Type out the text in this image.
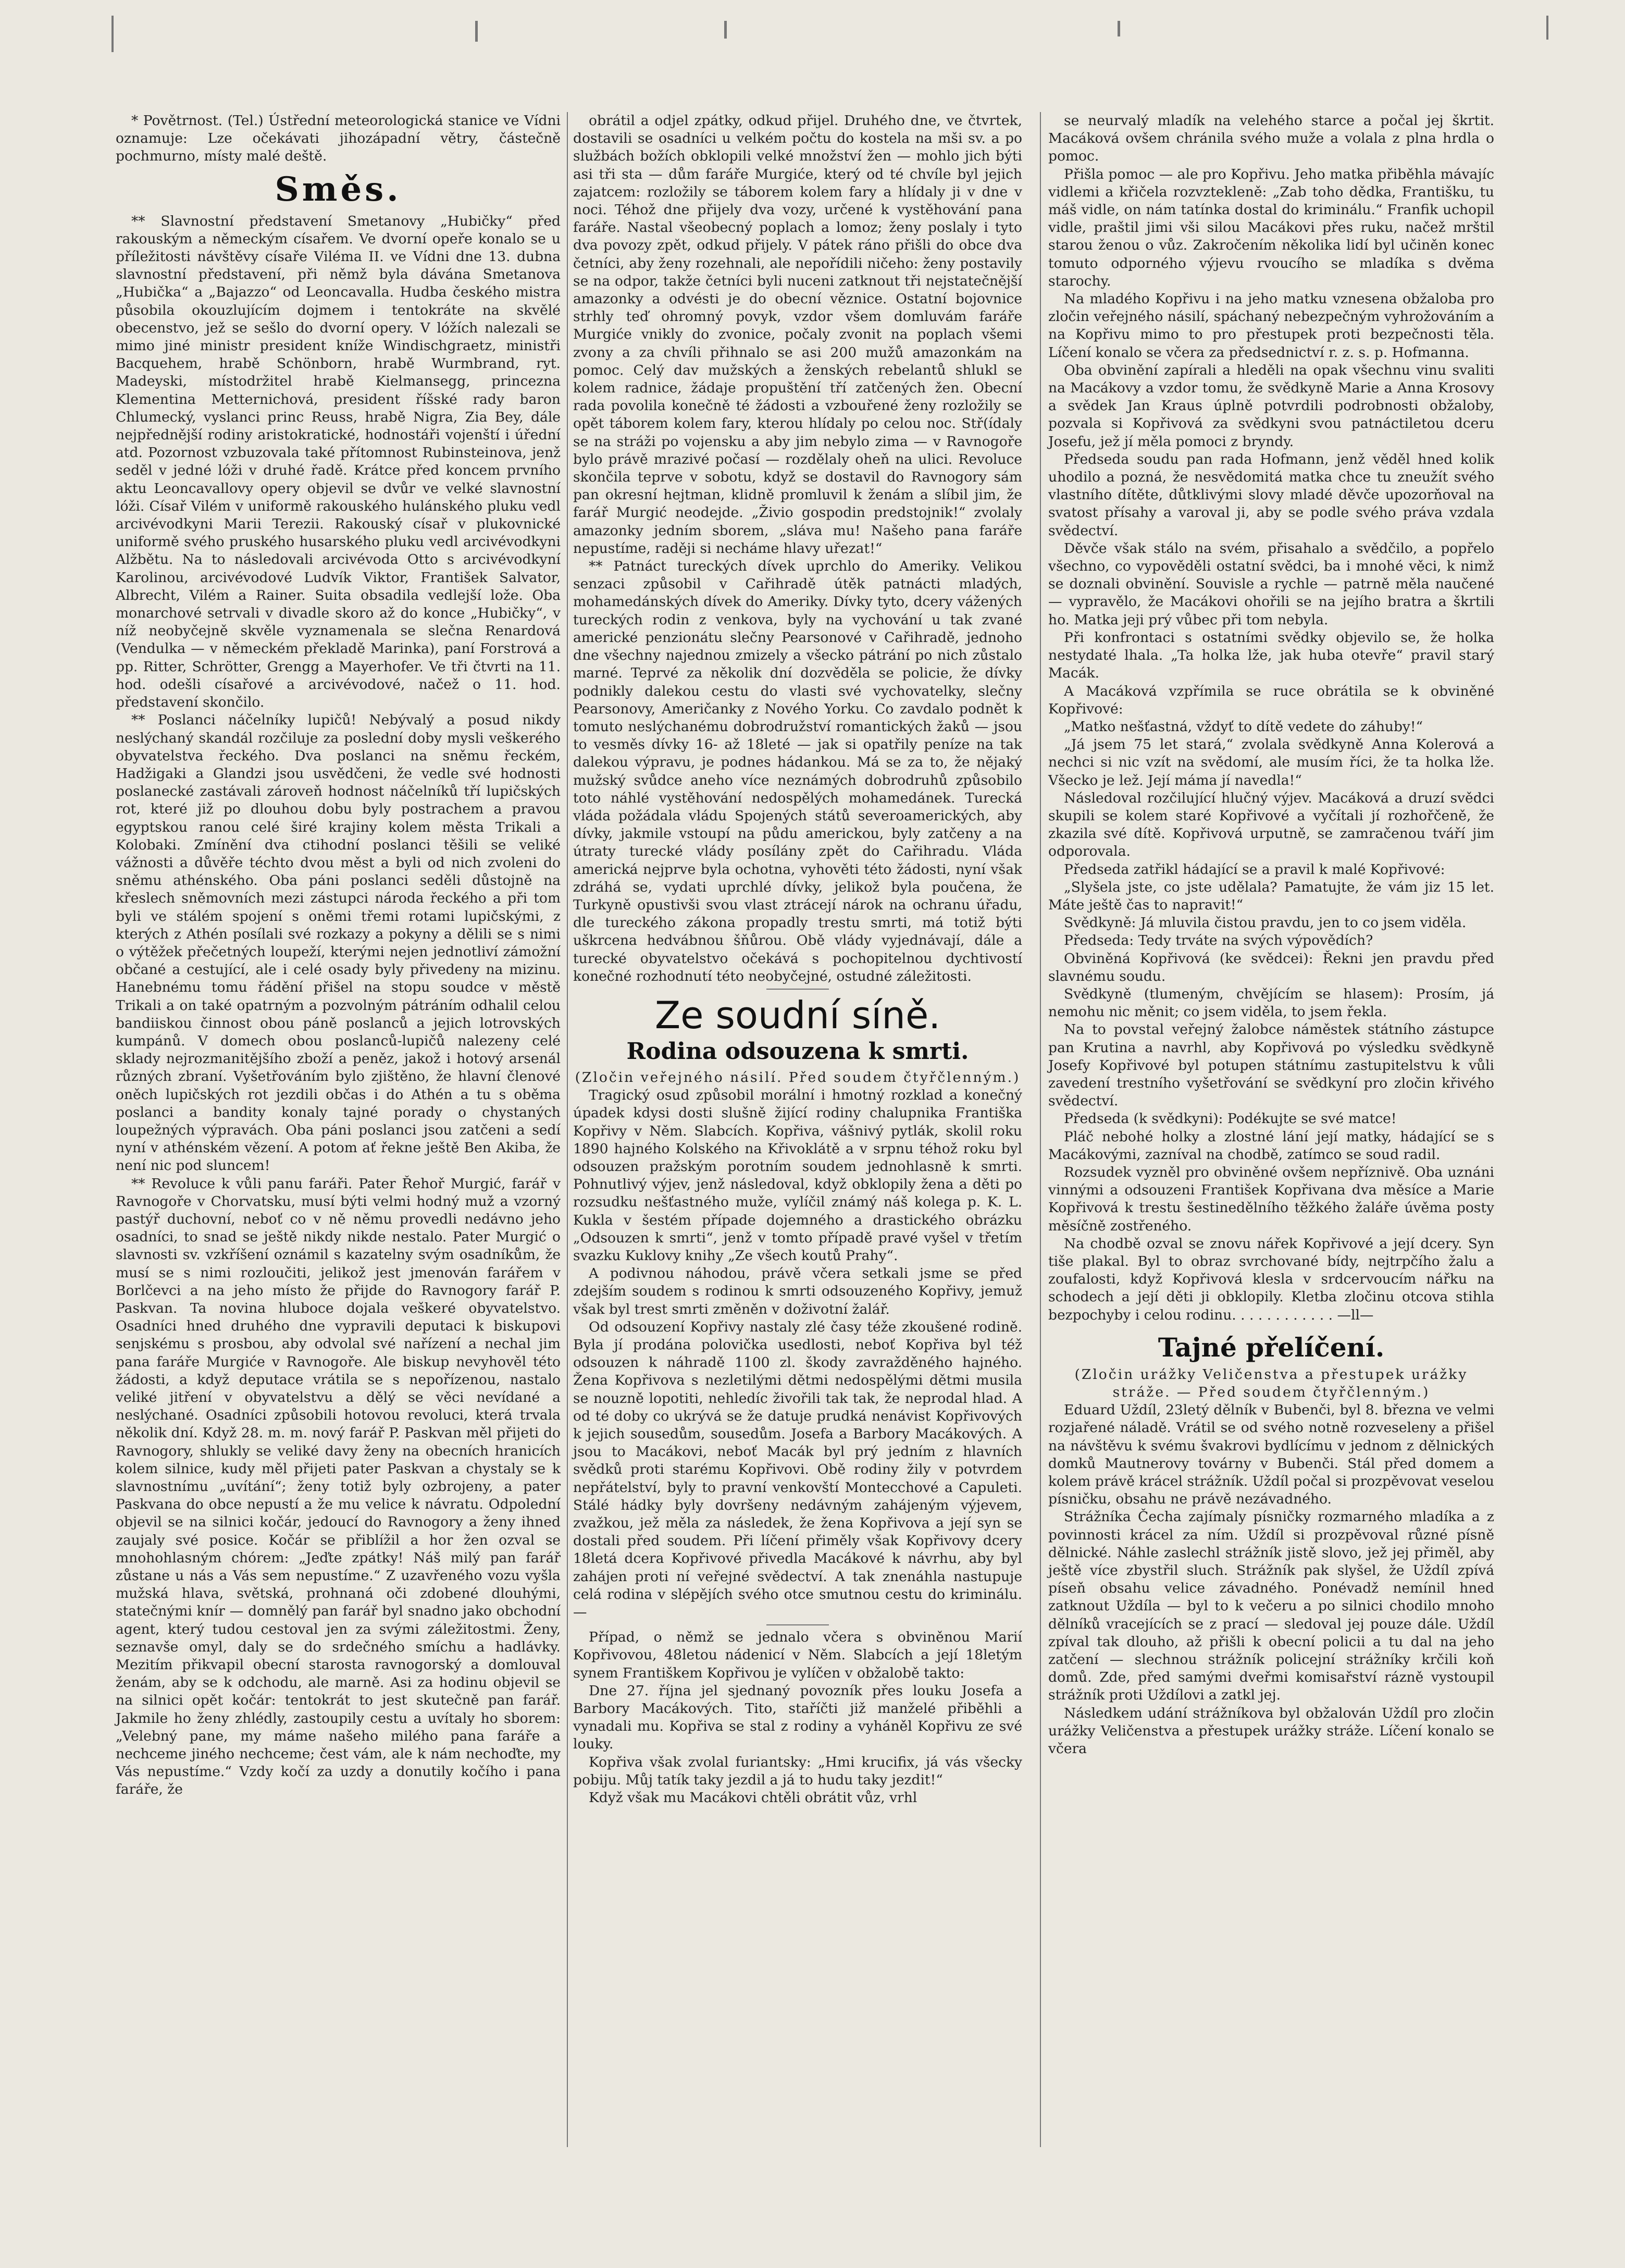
* Povětrnost. (Tel.) Ústřední meteorologická stanice ve Vídni oznamuje: Lze očekávati jihozápadní větry, částečně pochmurno, místy malé deště.

Směs.

** Slavnostní představení Smetanovy „Hubičky“ před rakouským a německým císařem. Ve dvorní opeře konalo se u příležitosti návštěvy císaře Viléma II. ve Vídni dne 13. dubna slavnostní představení, při němž byla dávána Smetanova „Hubička“ a „Bajazzo“ od Leoncavalla. Hudba českého mistra působila okouzlujícím dojmem i tentokráte na skvělé obecenstvo, jež se sešlo do dvorní opery. V lóžích nalezali se mimo jiné ministr president kníže Windischgraetz, ministři Bacquehem, hrabě Schönborn, hrabě Wurmbrand, ryt. Madeyski, místodržitel hrabě Kielmansegg, princezna Klementina Metternichová, president říšské rady baron Chlumecký, vyslanci princ Reuss, hrabě Nigra, Zia Bey, dále nejpřednější rodiny aristokratické, hodnostáři vojenští i úřední atd. Pozornost vzbuzovala také přítomnost Rubinsteinova, jenž seděl v jedné lóži v druhé řadě. Krátce před koncem prvního aktu Leoncavallovy opery objevil se dvůr ve velké slavnostní lóži. Císař Vilém v uniformě rakouského hulánského pluku vedl arcivévodkyni Marii Terezii. Rakouský císař v plukovnické uniformě svého pruského husarského pluku vedl arcivévodkyni Alžbětu. Na to následovali arcivévoda Otto s arcivévodkyní Karolinou, arcivévodové Ludvík Viktor, František Salvator, Albrecht, Vilém a Rainer. Suita obsadila vedlejší lože. Oba monarchové setrvali v divadle skoro až do konce „Hubičky“, v níž neobyčejně skvěle vyznamenala se slečna Renardová (Vendulka — v německém překladě Marinka), paní Forstrová a pp. Ritter, Schrötter, Grengg a Mayerhofer. Ve tři čtvrti na 11. hod. odešli císařové a arcivévodové, načež o 11. hod. představení skončilo.

** Poslanci náčelníky lupičů! Nebývalý a posud nikdy neslýchaný skandál rozčiluje za poslední doby mysli veškerého obyvatelstva řeckého. Dva poslanci na sněmu řeckém, Hadžigaki a Glandzi jsou usvědčeni, že vedle své hodnosti poslanecké zastávali zároveň hodnost náčelníků tří lupičských rot, které již po dlouhou dobu byly postrachem a pravou egyptskou ranou celé širé krajiny kolem města Trikali a Kolobaki. Zmínění dva ctihodní poslanci těšili se veliké vážnosti a důvěře téchto dvou měst a byli od nich zvoleni do sněmu athénského. Oba páni poslanci seděli důstojně na křeslech sněmovních mezi zástupci národa řeckého a při tom byli ve stálém spojení s oněmi třemi rotami lupičskými, z kterých z Athén posílali své rozkazy a pokyny a dělili se s nimi o výtěžek přečetných loupeží, kterými nejen jednotliví zámožní občané a cestující, ale i celé osady byly přivedeny na mizinu. Hanebnému tomu řádění přišel na stopu soudce v městě Trikali a on také opatrným a pozvolným pátráním odhalil celou bandiiskou činnost obou páně poslanců a jejich lotrovských kumpánů. V domech obou poslanců-lupičů nalezeny celé sklady nejrozmanitějšího zboží a peněz, jakož i hotový arsenál různých zbraní. Vyšetřováním bylo zjištěno, že hlavní členové oněch lupičských rot jezdili občas i do Athén a tu s oběma poslanci a bandity konaly tajné porady o chystaných loupežných výpravách. Oba páni poslanci jsou zatčeni a sedí nyní v athénském vězení. A potom ať řekne ještě Ben Akiba, že není nic pod sluncem!

** Revoluce k vůli panu faráři. Pater Řehoř Murgić, farář v Ravnogoře v Chorvatsku, musí býti velmi hodný muž a vzorný pastýř duchovní, neboť co v ně němu provedli nedávno jeho osadníci, to snad se ještě nikdy nikde nestalo. Pater Murgić o slavnosti sv. vzkříšení oznámil s kazatelny svým osadníkům, že musí se s nimi rozloučiti, jelikož jest jmenován farářem v Borlčevci a na jeho místo že přijde do Ravnogory farář P. Paskvan. Ta novina hluboce dojala veškeré obyvatelstvo. Osadníci hned druhého dne vypravili deputaci k biskupovi senjskému s prosbou, aby odvolal své nařízení a nechal jim pana faráře Murgiće v Ravnogoře. Ale biskup nevyhověl této žádosti, a když deputace vrátila se s nepořízenou, nastalo veliké jitření v obyvatelstvu a dělý se věci nevídané a neslýchané. Osadníci způsobili hotovou revoluci, která trvala několik dní. Když 28. m. m. nový farář P. Paskvan měl přijeti do Ravnogory, shlukly se veliké davy ženy na obecních hranicích kolem silnice, kudy měl přijeti pater Paskvan a chystaly se k slavnostnímu „uvítání“; ženy totiž byly ozbrojeny, a pater Paskvana do obce nepustí a že mu velice k návratu. Odpolední objevil se na silnici kočár, jedoucí do Ravnogory a ženy ihned zaujaly své posice. Kočár se přiblížil a hor žen ozval se mnohohlasným chórem: „Jeďte zpátky! Náš milý pan farář zůstane u nás a Vás sem nepustíme.“ Z uzavřeného vozu vyšla mužská hlava, světská, prohnaná oči zdobené dlouhými, statečnými knír — domnělý pan farář byl snadno jako obchodní agent, který tudou cestoval jen za svými záležitostmi. Ženy, seznavše omyl, daly se do srdečného smíchu a hadlávky. Mezitím přikvapil obecní starosta ravnogorský a domlouval ženám, aby se k odchodu, ale marně. Asi za hodinu objevil se na silnici opět kočár: tentokrát to jest skutečně pan farář. Jakmile ho ženy zhlédly, zastoupily cestu a uvítaly ho sborem: „Velebný pane, my máme našeho milého pana faráře a nechceme jiného nechceme; čest vám, ale k nám nechoďte, my Vás nepustíme.“ Vzdy kočí za uzdy a donutily kočího i pana faráře, že

obrátil a odjel zpátky, odkud přijel. Druhého dne, ve čtvrtek, dostavili se osadníci u velkém počtu do kostela na mši sv. a po službách božích obklopili velké množství žen — mohlo jich býti asi tři sta — dům faráře Murgiće, který od té chvíle byl jejich zajatcem: rozložily se táborem kolem fary a hlídaly ji v dne v noci. Téhož dne přijely dva vozy, určené k vystěhování pana faráře. Nastal všeobecný poplach a lomoz; ženy poslaly i tyto dva povozy zpět, odkud přijely. V pátek ráno přišli do obce dva četníci, aby ženy rozehnali, ale nepořídili ničeho: ženy postavily se na odpor, takže četníci byli nuceni zatknout tři nejstatečnější amazonky a odvésti je do obecní věznice. Ostatní bojovnice strhly teď ohromný povyk, vzdor všem domluvám faráře Murgiće vnikly do zvonice, počaly zvonit na poplach všemi zvony a za chvíli přihnalo se asi 200 mužů amazonkám na pomoc. Celý dav mužských a ženských rebelantů shlukl se kolem radnice, žádaje propuštění tří zatčených žen. Obecní rada povolila konečně té žádosti a vzbouřené ženy rozložily se opět táborem kolem fary, kterou hlídaly po celou noc. Stř(ídaly se na stráži po vojensku a aby jim nebylo zima — v Ravnogoře bylo právě mrazivé počasí — rozdělaly oheň na ulici. Revoluce skončila teprve v sobotu, když se dostavil do Ravnogory sám pan okresní hejtman, klidně promluvil k ženám a slíbil jim, že farář Murgić neodejde. „Živio gospodin predstojnik!“ zvolaly amazonky jedním sborem, „sláva mu! Našeho pana faráře nepustíme, raději si necháme hlavy uřezat!“

** Patnáct tureckých dívek uprchlo do Ameriky. Velikou senzaci způsobil v Cařihradě útěk patnácti mladých, mohamedánských dívek do Ameriky. Dívky tyto, dcery vážených tureckých rodin z venkova, byly na vychování u tak zvané americké penzionátu slečny Pearsonové v Cařihradě, jednoho dne všechny najednou zmizely a všecko pátrání po nich zůstalo marné. Teprvé za několik dní dozvěděla se policie, že dívky podnikly dalekou cestu do vlasti své vychovatelky, slečny Pearsonovy, Američanky z Nového Yorku. Co zavdalo podnět k tomuto neslýchanému dobrodružství romantických žaků — jsou to vesměs dívky 16- až 18leté — jak si opatřily peníze na tak dalekou výpravu, je podnes hádankou. Má se za to, že nějaký mužský svůdce aneho více neznámých dobrodruhů způsobilo toto náhlé vystěhování nedospělých mohamedánek. Turecká vláda požádala vládu Spojených států severoamerických, aby dívky, jakmile vstoupí na půdu americkou, byly zatčeny a na útraty turecké vlády posílány zpět do Cařihradu. Vláda americká nejprve byla ochotna, vyhověti této žádosti, nyní však zdráhá se, vydati uprchlé dívky, jelikož byla poučena, že Turkyně opustivši svou vlast ztrácejí nárok na ochranu úřadu, dle tureckého zákona propadly trestu smrti, má totiž býti uškrcena hedvábnou šňůrou. Obě vlády vyjednávají, dále a turecké obyvatelstvo očekává s pochopitelnou dychtivostí konečné rozhodnutí této neobyčejné, ostudné záležitosti.

Ze soudní síně.
Rodina odsouzena k smrti.

(Zločin veřejného násilí. Před soudem čtyřčlenným.)

Tragický osud způsobil morální i hmotný rozklad a konečný úpadek kdysi dosti slušně žijící rodiny chalupnika Františka Kopřivy v Něm. Slabcích. Kopřiva, vášnivý pytlák, skolil roku 1890 hajného Kolského na Křivoklátě a v srpnu téhož roku byl odsouzen pražským porotním soudem jednohlasně k smrti. Pohnutlivý výjev, jenž následoval, když obklopily žena a děti po rozsudku nešťastného muže, vylíčil známý náš kolega p. K. L. Kukla v šestém případe dojemného a drastického obrázku „Odsouzen k smrti“, jenž v tomto případě pravé vyšel v třetím svazku Kuklovy knihy „Ze všech koutů Prahy“.

A podivnou náhodou, právě včera setkali jsme se před zdejším soudem s rodinou k smrti odsouzeného Kopřivy, jemuž však byl trest smrti změněn v doživotní žalář.

Od odsouzení Kopřivy nastaly zlé časy téže zkoušené rodině. Byla jí prodána polovička usedlosti, neboť Kopřiva byl též odsouzen k náhradě 1100 zl. škody zavražděného hajného. Žena Kopřivova s nezletilými dětmi nedospělými dětmi musila se nouzně lopotiti, nehledíc živořili tak tak, že neprodal hlad. A od té doby co ukrývá se že datuje prudká nenávist Kopřivových k jejich sousedům, sousedům. Josefa a Barbory Macákových. A jsou to Macákovi, neboť Macák byl prý jedním z hlavních svědků proti starému Kopřivovi. Obě rodiny žily v potvrdem nepřátelství, byly to pravní venkovští Montecchové a Capuleti. Stálé hádky byly dovršeny nedávným zahájeným výjevem, zvažkou, jež měla za následek, že žena Kopřivova a její syn se dostali před soudem. Při líčení přiměly však Kopřivovy dcery 18letá dcera Kopřivové přivedla Macákové k návrhu, aby byl zahájen proti ní veřejné svědectví. A tak znenáhla nastupuje celá rodina v slépějích svého otce smutnou cestu do kriminálu.—

Případ, o němž se jednalo včera s obviněnou Marií Kopřivovou, 48letou nádenicí v Něm. Slabcích a její 18letým synem Františkem Kopřivou je vylíčen v obžalobě takto:

Dne 27. října jel sjednaný povozník přes louku Josefa a Barbory Macákových. Tito, staříčti již manželé přiběhli a vynadali mu. Kopřiva se stal z rodiny a vyháněl Kopřivu ze své louky.

Kopřiva však zvolal furiantsky: „Hmi krucifix, já vás všecky pobiju. Můj tatík taky jezdil a já to hudu taky jezdit!“

Když však mu Macákovi chtěli obrátit vůz, vrhl

se neurvalý mladík na velehého starce a počal jej škrtit. Macáková ovšem chránila svého muže a volala z plna hrdla o pomoc.

Přišla pomoc — ale pro Kopřivu. Jeho matka přiběhla mávajíc vidlemi a křičela rozvztekleně: „Zab toho dědka, Františku, tu máš vidle, on nám tatínka dostal do kriminálu.“ Franfik uchopil vidle, praštil jimi vši silou Macákovi přes ruku, načež mrštil starou ženou o vůz. Zakročením několika lidí byl učiněn konec tomuto odporného výjevu rvoucího se mladíka s dvěma starochy.

Na mladého Kopřivu i na jeho matku vznesena obžaloba pro zločin veřejného násilí, spáchaný nebezpečným vyhrožováním a na Kopřivu mimo to pro přestupek proti bezpečnosti těla. Líčení konalo se včera za předsednictví r. z. s. p. Hofmanna.

Oba obvinění zapírali a hleděli na opak všechnu vinu svaliti na Macákovy a vzdor tomu, že svědkyně Marie a Anna Krosovy a svědek Jan Kraus úplně potvrdili podrobnosti obžaloby, pozvala si Kopřivová za svědkyni svou patnáctiletou dceru Josefu, jež jí měla pomoci z bryndy.

Předseda soudu pan rada Hofmann, jenž věděl hned kolik uhodilo a pozná, že nesvědomitá matka chce tu zneužít svého vlastního dítěte, důtklivými slovy mladé děvče upozorňoval na svatost přísahy a varoval ji, aby se podle svého práva vzdala svědectví.

Děvče však stálo na svém, přisahalo a svědčilo, a popřelo všechno, co vypověděli ostatní svědci, ba i mnohé věci, k nimž se doznali obvinění. Souvisle a rychle — patrně měla naučené — vypravělo, že Macákovi ohořili se na jejího bratra a škrtili ho. Matka jeji prý vůbec při tom nebyla.

Při konfrontaci s ostatními svědky objevilo se, že holka nestydaté lhala. „Ta holka lže, jak huba otevře“ pravil starý Macák.

A Macáková vzpřímila se ruce obrátila se k obviněné Kopřivové:

„Matko nešťastná, vždyť to dítě vedete do záhuby!“

„Já jsem 75 let stará,“ zvolala svědkyně Anna Kolerová a nechci si nic vzít na svědomí, ale musím říci, že ta holka lže. Všecko je lež. Její máma jí navedla!“

Následoval rozčilující hlučný výjev. Macáková a druzí svědci skupili se kolem staré Kopřivové a vyčítali jí rozhořčeně, že zkazila své dítě. Kopřivová urputně, se zamračenou tváří jim odporovala.

Předseda zatřikl hádající se a pravil k malé Kopřivové:

„Slyšela jste, co jste udělala? Pamatujte, že vám jiz 15 let. Máte ještě čas to napravit!“

Svědkyně: Já mluvila čistou pravdu, jen to co jsem viděla.

Předseda: Tedy trváte na svých výpovědích?

Obviněná Kopřivová (ke svědcei): Řekni jen pravdu před slavnému soudu.

Svědkyně (tlumeným, chvějícím se hlasem): Prosím, já nemohu nic měnit; co jsem viděla, to jsem řekla.

Na to povstal veřejný žalobce náměstek státního zástupce pan Krutina a navrhl, aby Kopřivová po výsledku svědkyně Josefy Kopřivové byl potupen státnímu zastupitelstvu k vůli zavedení trestního vyšetřování se svědkyní pro zločin křivého svědectví.

Předseda (k svědkyni): Podékujte se své matce!

Pláč nebohé holky a zlostné lání její matky, hádající se s Macákovými, zazníval na chodbě, zatímco se soud radil.

Rozsudek vyzněl pro obviněné ovšem nepříznivě. Oba uznáni vinnými a odsouzeni František Kopřivana dva měsíce a Marie Kopřivová k trestu šestinedělního těžkého žaláře úvěma posty měsíčně zostřeného.

Na chodbě ozval se znovu nářek Kopřivové a její dcery. Syn tiše plakal. Byl to obraz svrchované bídy, nejtrpčího žalu a zoufalosti, když Kopřivová klesla v srdcervoucím nářku na schodech a její děti ji obklopily. Kletba zločinu otcova stihla bezpochyby i celou rodinu. . . . . . . . . . . . —ll—

Tajné přelíčení.

(Zločin urážky Veličenstva a přestupek urážky stráže. — Před soudem čtyřčlenným.)

Eduard Uždíl, 23letý dělník v Bubenči, byl 8. března ve velmi rozjařené náladě. Vrátil se od svého notně rozveseleny a přišel na návštěvu k svému švakrovi bydlícímu v jednom z dělnických domků Mautnerovy továrny v Bubenči. Stál před domem a kolem právě krácel strážník. Uždíl počal si prozpěvovat veselou písničku, obsahu ne právě nezávadného.

Strážníka Čecha zajímaly písničky rozmarného mladíka a z povinnosti krácel za ním. Uždíl si prozpěvoval různé písně dělnické. Náhle zaslechl strážník jistě slovo, jež jej přiměl, aby ještě více zbystřil sluch. Strážník pak slyšel, že Uždíl zpívá píseň obsahu velice závadného. Ponévadž nemínil hned zatknout Uždíla — byl to k večeru a po silnici chodilo mnoho dělníků vracejících se z prací — sledoval jej pouze dále. Uždíl zpíval tak dlouho, až přišli k obecní policii a tu dal na jeho zatčení — slechnou strážník policejní strážníky krčili koň domů. Zde, před samými dveřmi komisařství rázně vystoupil strážník proti Uždílovi a zatkl jej.

Následkem udání strážníkova byl obžalován Uždíl pro zločin urážky Veličenstva a přestupek urážky stráže. Líčení konalo se včera
